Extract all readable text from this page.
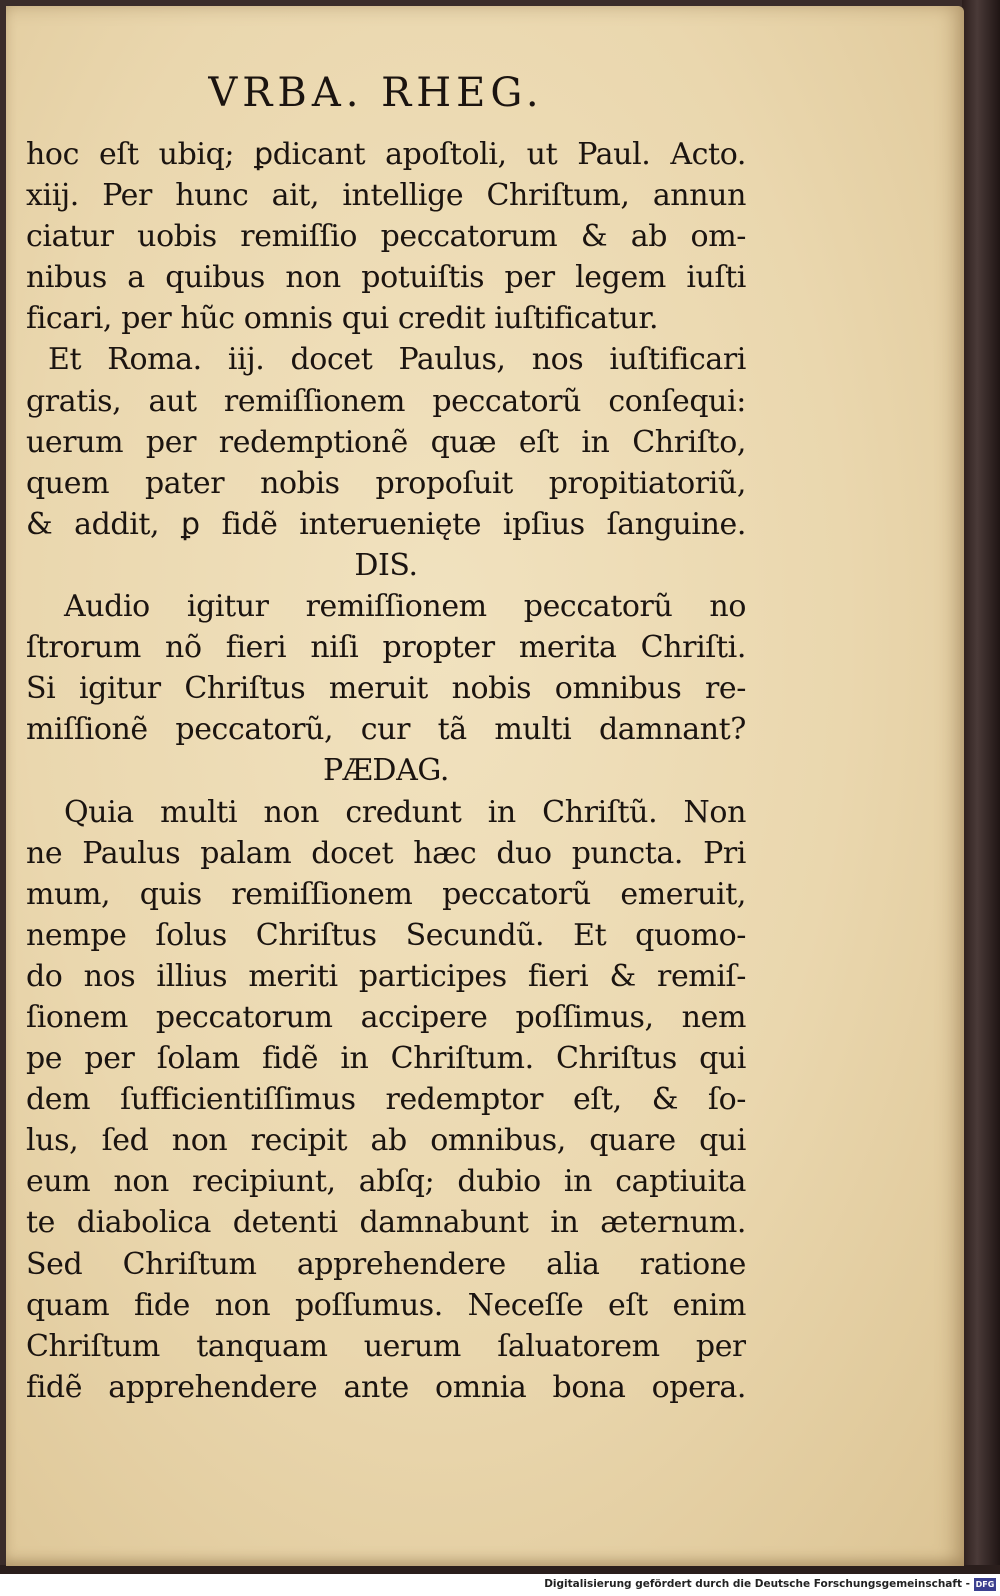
VRBA. RHEG.
hoc eſt ubiq; ꝑdicant apoſtoli, ut Paul. Acto.
xiij. Per hunc ait, intellige Chriſtum, annun
ciatur uobis remiſſio peccatorum & ab om-
nibus a quibus non potuiſtis per legem iuſti
ficari, per hũc omnis qui credit iuſtificatur.
Et Roma. iij. docet Paulus, nos iuſtificari
gratis, aut remiſſionem peccatorũ conſequi:
uerum per redemptionẽ quæ eſt in Chriſto,
quem pater nobis propoſuit propitiatoriũ,
& addit, ꝑ fidẽ interuenięte ipſius ſanguine.
DIS.
Audio igitur remiſſionem peccatorũ no
ſtrorum nõ fieri niſi propter merita Chriſti.
Si igitur Chriſtus meruit nobis omnibus re-
miſſionẽ peccatorũ, cur tã multi damnant?
PÆDAG.
Quia multi non credunt in Chriſtũ. Non
ne Paulus palam docet hæc duo puncta. Pri
mum, quis remiſſionem peccatorũ emeruit,
nempe ſolus Chriſtus Secundũ. Et quomo-
do nos illius meriti participes fieri & remiſ-
ſionem peccatorum accipere poſſimus, nem
pe per ſolam fidẽ in Chriſtum. Chriſtus qui
dem ſufficientiſſimus redemptor eſt, & ſo-
lus, ſed non recipit ab omnibus, quare qui
eum non recipiunt, abſq; dubio in captiuita
te diabolica detenti damnabunt in æternum.
Sed Chriſtum apprehendere alia ratione
quam fide non poſſumus. Neceſſe eſt enim
Chriſtum tanquam uerum ſaluatorem per
fidẽ apprehendere ante omnia bona opera.
Digitalisierung gefördert durch die Deutsche Forschungsgemeinschaft - DFG
